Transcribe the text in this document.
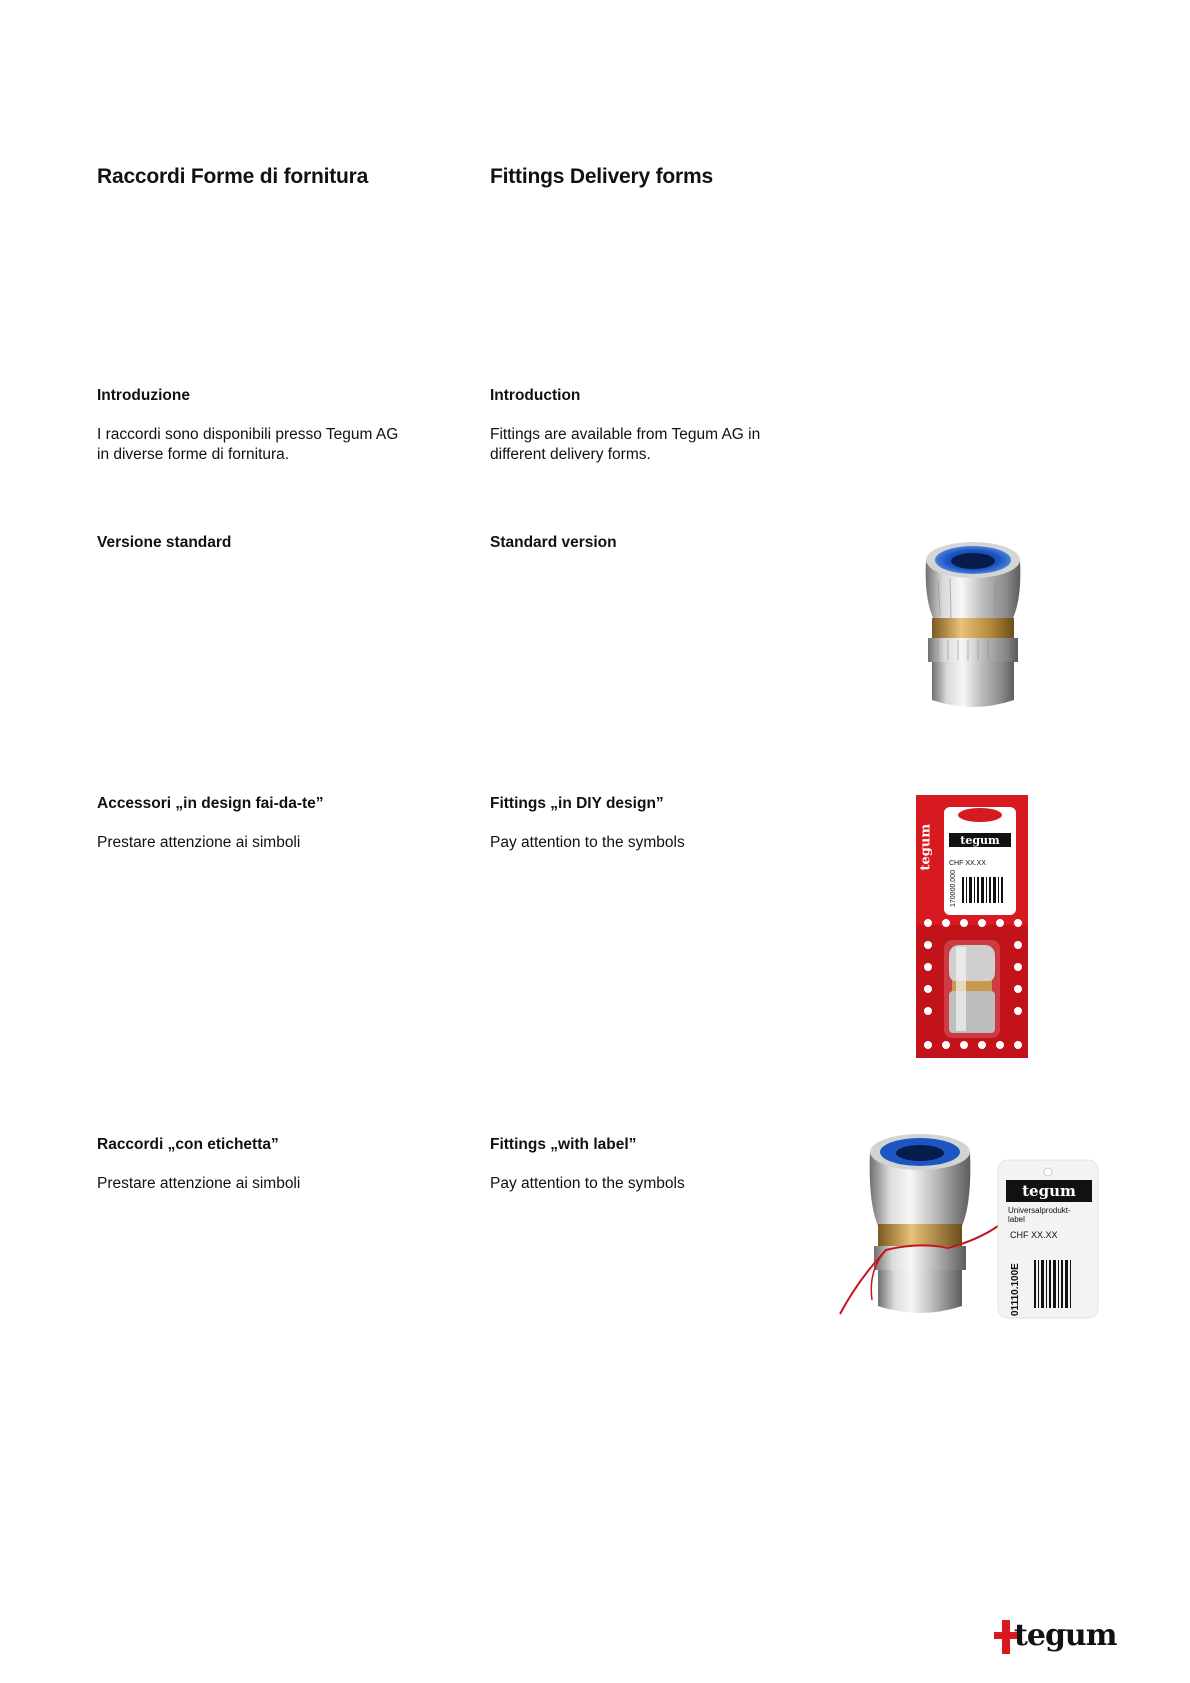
Raccordi Forme di fornitura	Fittings Delivery forms
Introduzione	Introduction
I raccordi sono disponibili presso Tegum AG
in diverse forme di fornitura.
Fittings are available from Tegum AG in
different delivery forms.
Versione standard	Standard version
Accessori „in design fai-da-te”	Fittings „in DIY design”
Prestare attenzione ai simboli	Pay attention to the symbols	tegum
CHF XX.XX
170000.000
tegum
Raccordi „con etichetta”	Fittings „with label”
Prestare attenzione ai simboli	Pay attention to the symbols	tegum
Universalprodukt-
label
CHF XX.XX
01110.100E
tegum
